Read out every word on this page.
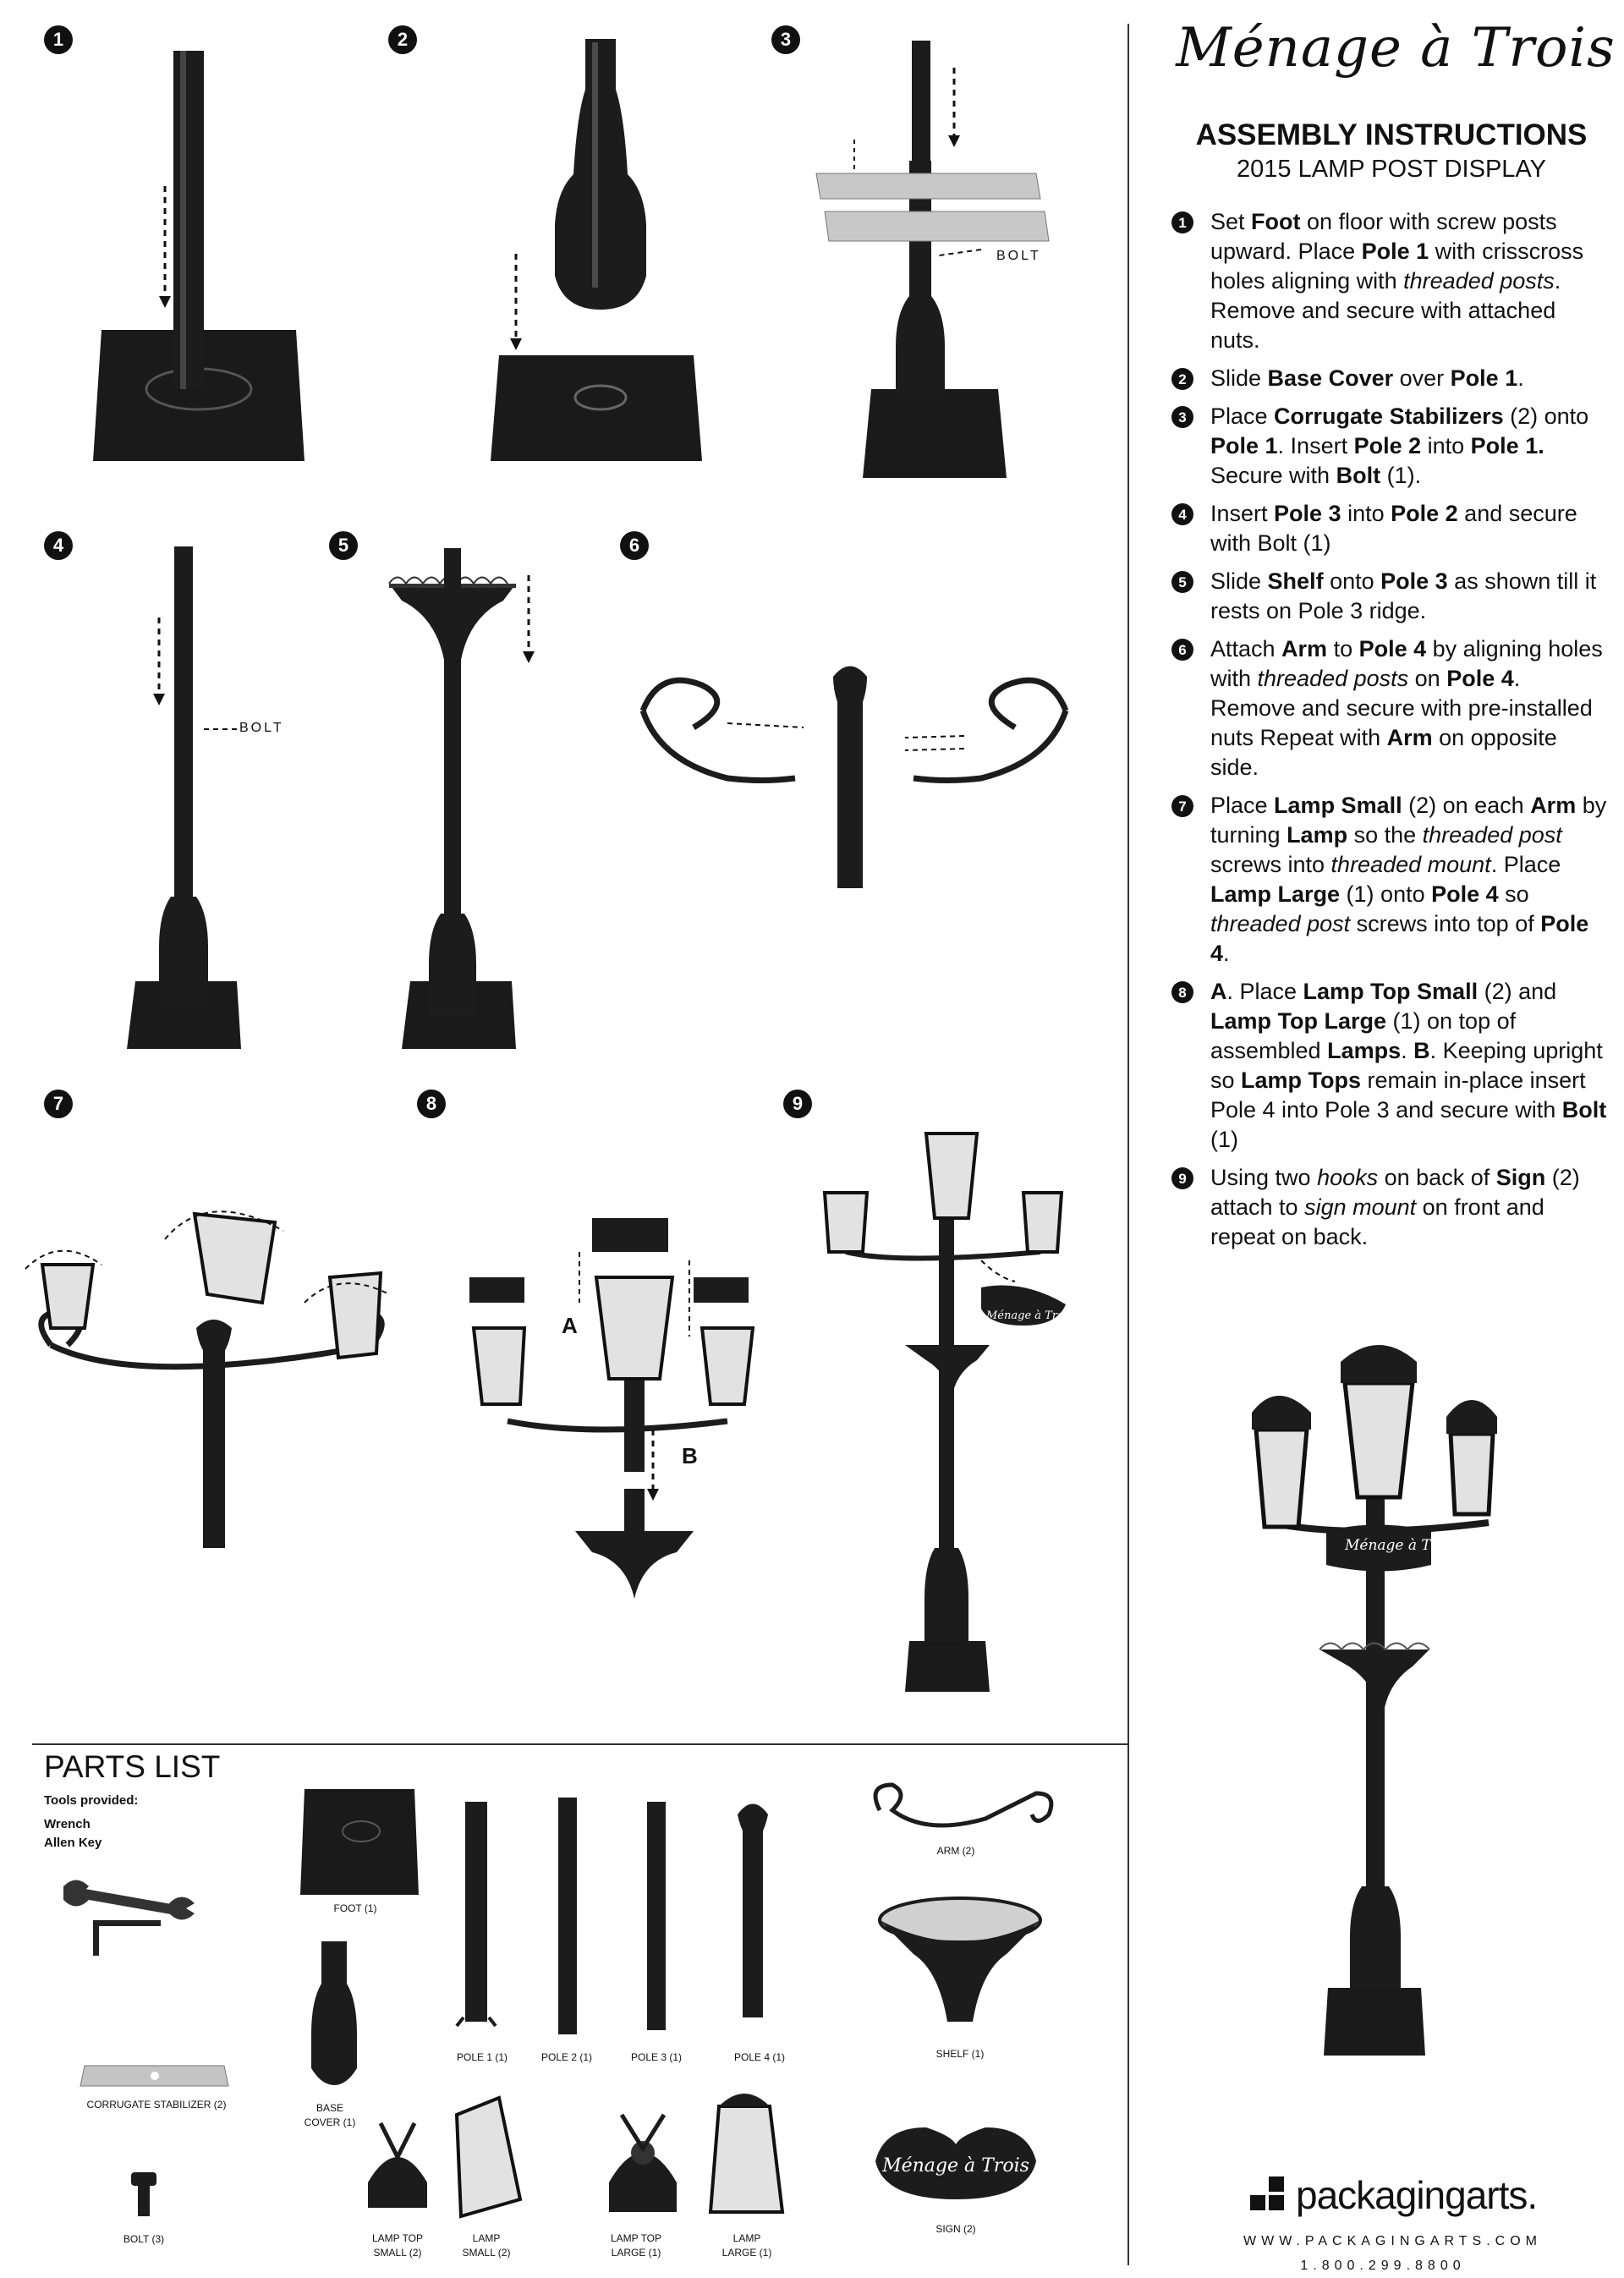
Ménage à Trois
ASSEMBLY INSTRUCTIONS
2015 LAMP POST DISPLAY
1	Set Foot on floor with screw posts upward. Place Pole 1 with crisscross holes aligning with threaded posts. Remove and secure with attached nuts.
2	Slide Base Cover over Pole 1.
3	Place Corrugate Stabilizers (2) onto Pole 1. Insert Pole 2 into Pole 1. Secure with Bolt (1).
4	Insert Pole 3 into Pole 2 and secure with Bolt (1)
5	Slide Shelf onto Pole 3 as shown till it rests on Pole 3 ridge.
6	Attach Arm to Pole 4 by aligning holes with threaded posts on Pole 4. Remove and secure with pre-installed nuts Repeat with Arm on opposite side.
7	Place Lamp Small (2) on each Arm by turning Lamp so the threaded post screws into threaded mount. Place Lamp Large (1) onto Pole 4 so threaded post screws into top of Pole 4.
8	A. Place Lamp Top Small (2) and Lamp Top Large (1) on top of assembled Lamps. B. Keeping upright so Lamp Tops remain in-place insert Pole 4 into Pole 3 and secure with Bolt (1)
9	Using two hooks on back of Sign (2) attach to sign mount on front and repeat on back.
1	2	3
4	5	6
7	8	9
BOLT
BOLT
A
B
Ménage à Trois
Ménage à Trois
PARTS LIST
Tools provided:
Wrench
Allen Key
FOOT (1)
BASE
COVER (1)
POLE 1 (1)	POLE 2 (1)	POLE 3 (1)	POLE 4 (1)
ARM (2)
SHELF (1)
CORRUGATE STABILIZER (2)
BOLT (3)	LAMP TOP
SMALL (2)
LAMP
SMALL (2)
LAMP TOP
LARGE (1)
LAMP
LARGE (1)
Ménage à Trois
SIGN (2)
packagingarts.
WWW.PACKAGINGARTS.COM
1.800.299.8800
